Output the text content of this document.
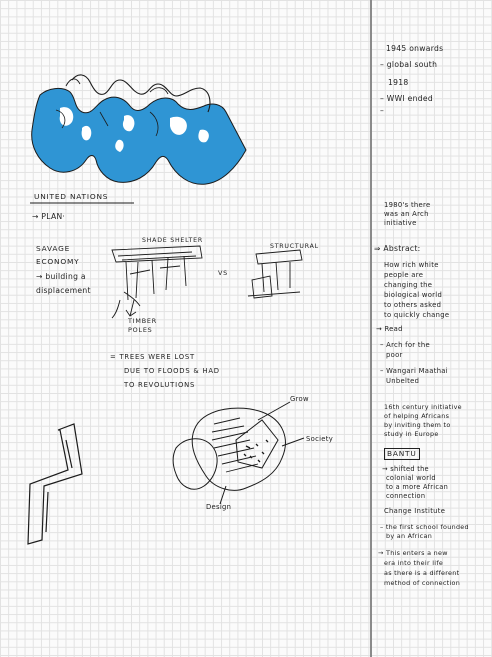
UNITED NATIONS
→ PLAN·
SAVAGE
ECONOMY
→ building a
displacement
SHADE SHELTER
STRUCTURAL
VS
TIMBER
POLES
= TREES WERE LOST
DUE TO FLOODS & HAD
TO REVOLUTIONS
Grow
Society
Design
1945 onwards
– global south
1918
– WWI ended
–
1980's there
was an Arch
initiative
⇒ Abstract:
How rich white
people are
changing the
biological world
to others asked
to quickly change
→ Read
– Arch for the
poor
– Wangari Maathai
Unbelted
16th century initiative
of helping Africans
by inviting them to
study in Europe
BANTU
→ shifted the
colonial world
to a more African
connection
Change Institute
– the first school founded
by an African
→ This enters a new
era into their life
as there is a different
method of connection
